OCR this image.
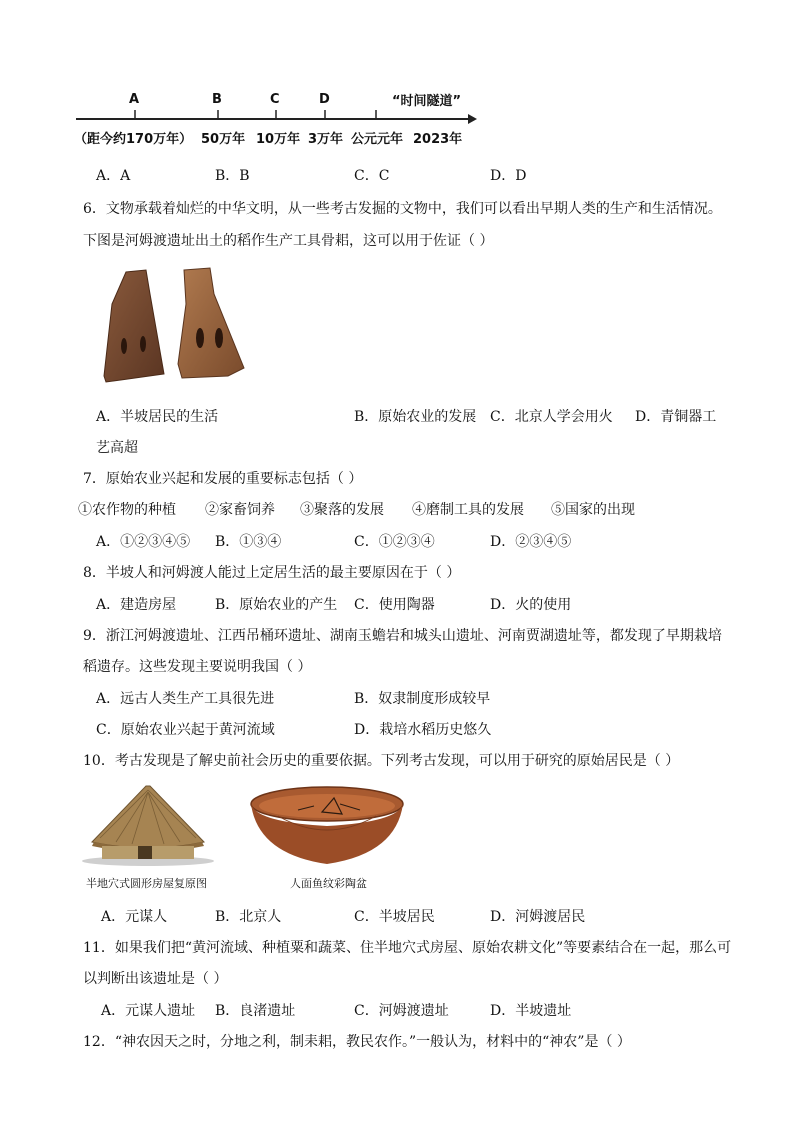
A	B	C	D	“时间隧道”
（距今约170万年） 50万年 10万年 3万年 公元元年 2023年
A．A	B．B	C．C	D．D
6．文物承载着灿烂的中华文明，从一些考古发掘的文物中，我们可以看出早期人类的生产和生活情况。
下图是河姆渡遗址出土的稻作生产工具骨耜，这可以用于佐证（ ）
A．半坡居民的生活	B．原始农业的发展 C．北京人学会用火 D．青铜器工
艺高超
7．原始农业兴起和发展的重要标志包括（ ）
①农作物的种植 ②家畜饲养 ③聚落的发展 ④磨制工具的发展 ⑤国家的出现
A．①②③④⑤ B．①③④	C．①②③④	D．②③④⑤
8．半坡人和河姆渡人能过上定居生活的最主要原因在于（ ）
A．建造房屋	B．原始农业的产生 C．使用陶器	D．火的使用
9．浙江河姆渡遗址、江西吊桶环遗址、湖南玉蟾岩和城头山遗址、河南贾湖遗址等，都发现了早期栽培
稻遗存。这些发现主要说明我国（ ）
A．远古人类生产工具很先进	B．奴隶制度形成较早
C．原始农业兴起于黄河流域	D．栽培水稻历史悠久
10．考古发现是了解史前社会历史的重要依据。下列考古发现，可以用于研究的原始居民是（ ）
半地穴式圆形房屋复原图	人面鱼纹彩陶盆
A．元谋人	B．北京人	C．半坡居民	D．河姆渡居民
11．如果我们把“黄河流域、种植粟和蔬菜、住半地穴式房屋、原始农耕文化”等要素结合在一起，那么可
以判断出该遗址是（ ）
A．元谋人遗址 B．良渚遗址	C．河姆渡遗址	D．半坡遗址
12．“神农因天之时，分地之利，制耒耜，教民农作。”一般认为，材料中的“神农”是（ ）
